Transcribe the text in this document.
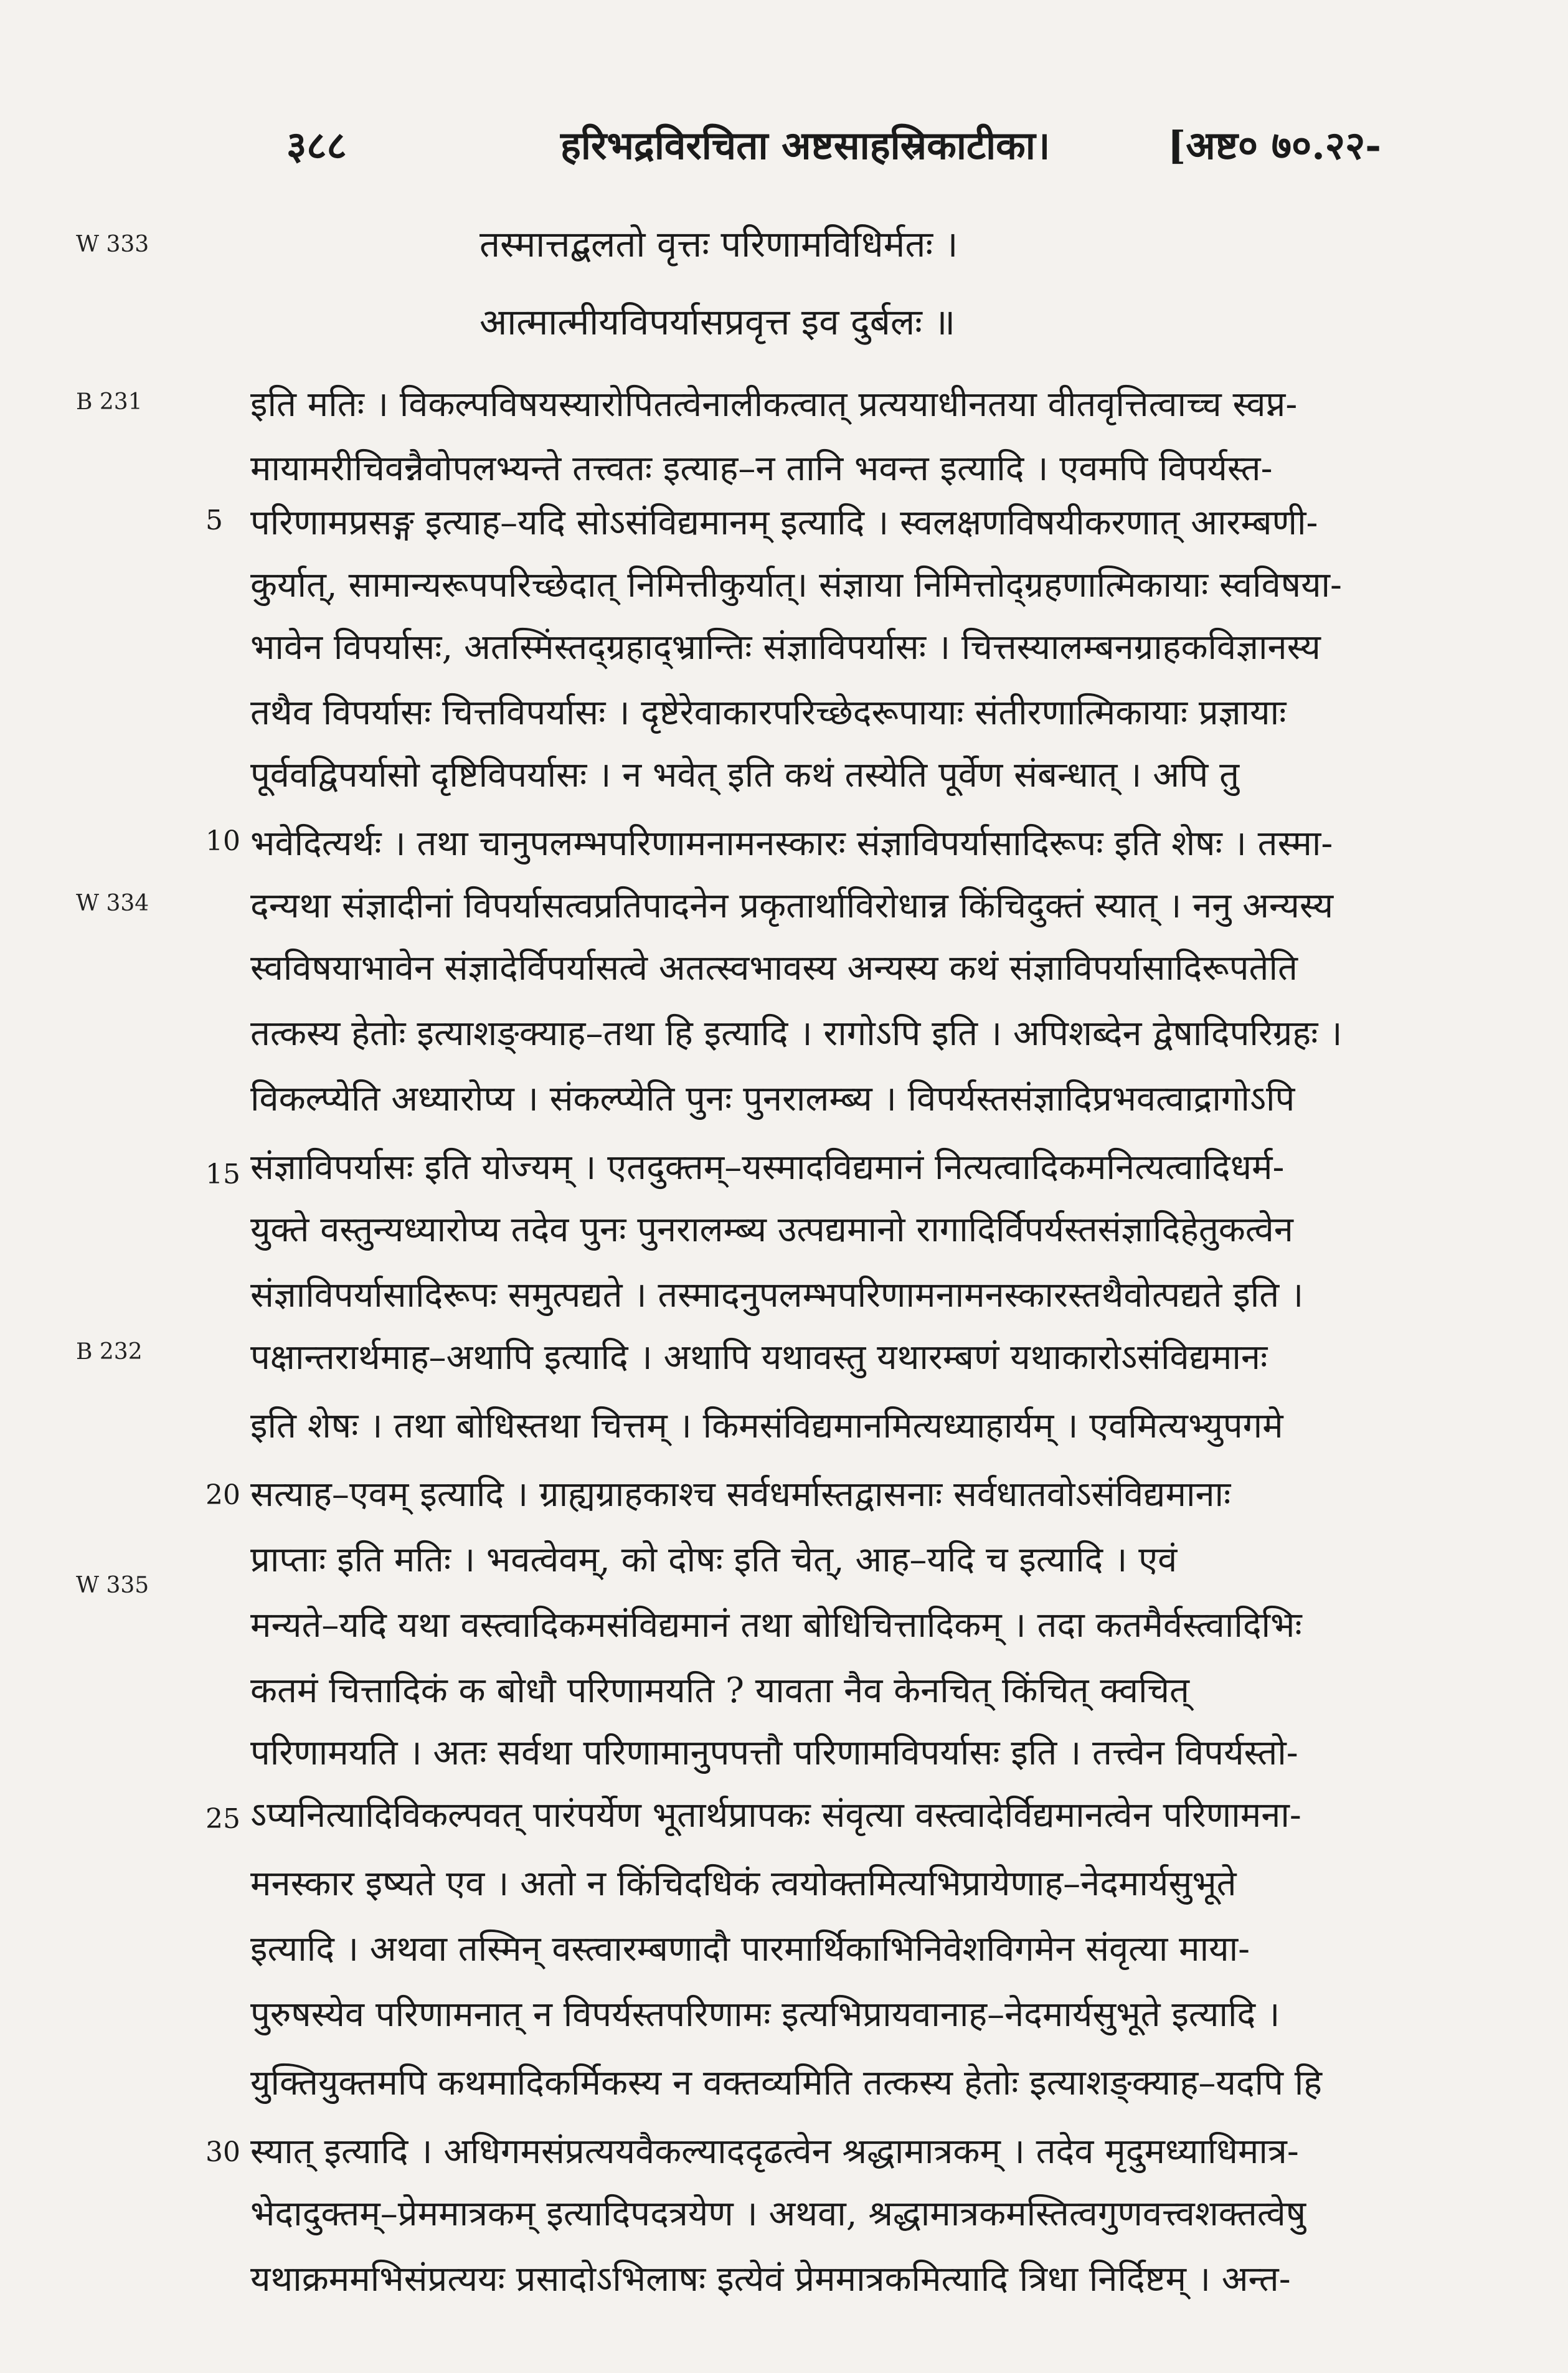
३८८	हरिभद्रविरचिता अष्टसाहस्रिकाटीका।	[अष्ट० ७०.२२-
W 333
B 231
W 334
B 232
W 335
तस्मात्तद्बलतो वृत्तः परिणामविधिर्मतः ।
आत्मात्मीयविपर्यासप्रवृत्त इव दुर्बलः ॥
5
10
15
20
25
30
इति मतिः । विकल्पविषयस्यारोपितत्वेनालीकत्वात् प्रत्ययाधीनतया वीतवृत्तित्वाच्च स्वप्न-
मायामरीचिवन्नैवोपलभ्यन्ते तत्त्वतः इत्याह–न तानि भवन्त इत्यादि । एवमपि विपर्यस्त-
परिणामप्रसङ्ग इत्याह–यदि सोऽसंविद्यमानम् इत्यादि । स्वलक्षणविषयीकरणात् आरम्बणी-
कुर्यात्, सामान्यरूपपरिच्छेदात् निमित्तीकुर्यात्। संज्ञाया निमित्तोद्ग्रहणात्मिकायाः स्वविषया-
भावेन विपर्यासः, अतस्मिंस्तद्ग्रहाद्भ्रान्तिः संज्ञाविपर्यासः । चित्तस्यालम्बनग्राहकविज्ञानस्य
तथैव विपर्यासः चित्तविपर्यासः । दृष्टेरेवाकारपरिच्छेदरूपायाः संतीरणात्मिकायाः प्रज्ञायाः
पूर्ववद्विपर्यासो दृष्टिविपर्यासः । न भवेत् इति कथं तस्येति पूर्वेण संबन्धात् । अपि तु
भवेदित्यर्थः । तथा चानुपलम्भपरिणामनामनस्कारः संज्ञाविपर्यासादिरूपः इति शेषः । तस्मा-
दन्यथा संज्ञादीनां विपर्यासत्वप्रतिपादनेन प्रकृतार्थाविरोधान्न किंचिदुक्तं स्यात् । ननु अन्यस्य
स्वविषयाभावेन संज्ञादेर्विपर्यासत्वे अतत्स्वभावस्य अन्यस्य कथं संज्ञाविपर्यासादिरूपतेति
तत्कस्य हेतोः इत्याशङ्क्याह–तथा हि इत्यादि । रागोऽपि इति । अपिशब्देन द्वेषादिपरिग्रहः ।
विकल्प्येति अध्यारोप्य । संकल्प्येति पुनः पुनरालम्ब्य । विपर्यस्तसंज्ञादिप्रभवत्वाद्रागोऽपि
संज्ञाविपर्यासः इति योज्यम् । एतदुक्तम्–यस्मादविद्यमानं नित्यत्वादिकमनित्यत्वादिधर्म-
युक्ते वस्तुन्यध्यारोप्य तदेव पुनः पुनरालम्ब्य उत्पद्यमानो रागादिर्विपर्यस्तसंज्ञादिहेतुकत्वेन
संज्ञाविपर्यासादिरूपः समुत्पद्यते । तस्मादनुपलम्भपरिणामनामनस्कारस्तथैवोत्पद्यते इति ।
पक्षान्तरार्थमाह–अथापि इत्यादि । अथापि यथावस्तु यथारम्बणं यथाकारोऽसंविद्यमानः
इति शेषः । तथा बोधिस्तथा चित्तम् । किमसंविद्यमानमित्यध्याहार्यम् । एवमित्यभ्युपगमे
सत्याह–एवम् इत्यादि । ग्राह्यग्राहकाश्च सर्वधर्मास्तद्वासनाः सर्वधातवोऽसंविद्यमानाः
प्राप्ताः इति मतिः । भवत्वेवम्, को दोषः इति चेत्, आह–यदि च इत्यादि । एवं
मन्यते–यदि यथा वस्त्वादिकमसंविद्यमानं तथा बोधिचित्तादिकम् । तदा कतमैर्वस्त्वादिभिः
कतमं चित्तादिकं क बोधौ परिणामयति ? यावता नैव केनचित् किंचित् क्वचित्
परिणामयति । अतः सर्वथा परिणामानुपपत्तौ परिणामविपर्यासः इति । तत्त्वेन विपर्यस्तो-
ऽप्यनित्यादिविकल्पवत् पारंपर्येण भूतार्थप्रापकः संवृत्या वस्त्वादेर्विद्यमानत्वेन परिणामना-
मनस्कार इष्यते एव । अतो न किंचिदधिकं त्वयोक्तमित्यभिप्रायेणाह–नेदमार्यसुभूते
इत्यादि । अथवा तस्मिन् वस्त्वारम्बणादौ पारमार्थिकाभिनिवेशविगमेन संवृत्या माया-
पुरुषस्येव परिणामनात् न विपर्यस्तपरिणामः इत्यभिप्रायवानाह–नेदमार्यसुभूते इत्यादि ।
युक्तियुक्तमपि कथमादिकर्मिकस्य न वक्तव्यमिति तत्कस्य हेतोः इत्याशङ्क्याह–यदपि हि
स्यात् इत्यादि । अधिगमसंप्रत्ययवैकल्याददृढत्वेन श्रद्धामात्रकम् । तदेव मृदुमध्याधिमात्र-
भेदादुक्तम्–प्रेममात्रकम् इत्यादिपदत्रयेण । अथवा, श्रद्धामात्रकमस्तित्वगुणवत्त्वशक्तत्वेषु
यथाक्रममभिसंप्रत्ययः प्रसादोऽभिलाषः इत्येवं प्रेममात्रकमित्यादि त्रिधा निर्दिष्टम् । अन्त-
